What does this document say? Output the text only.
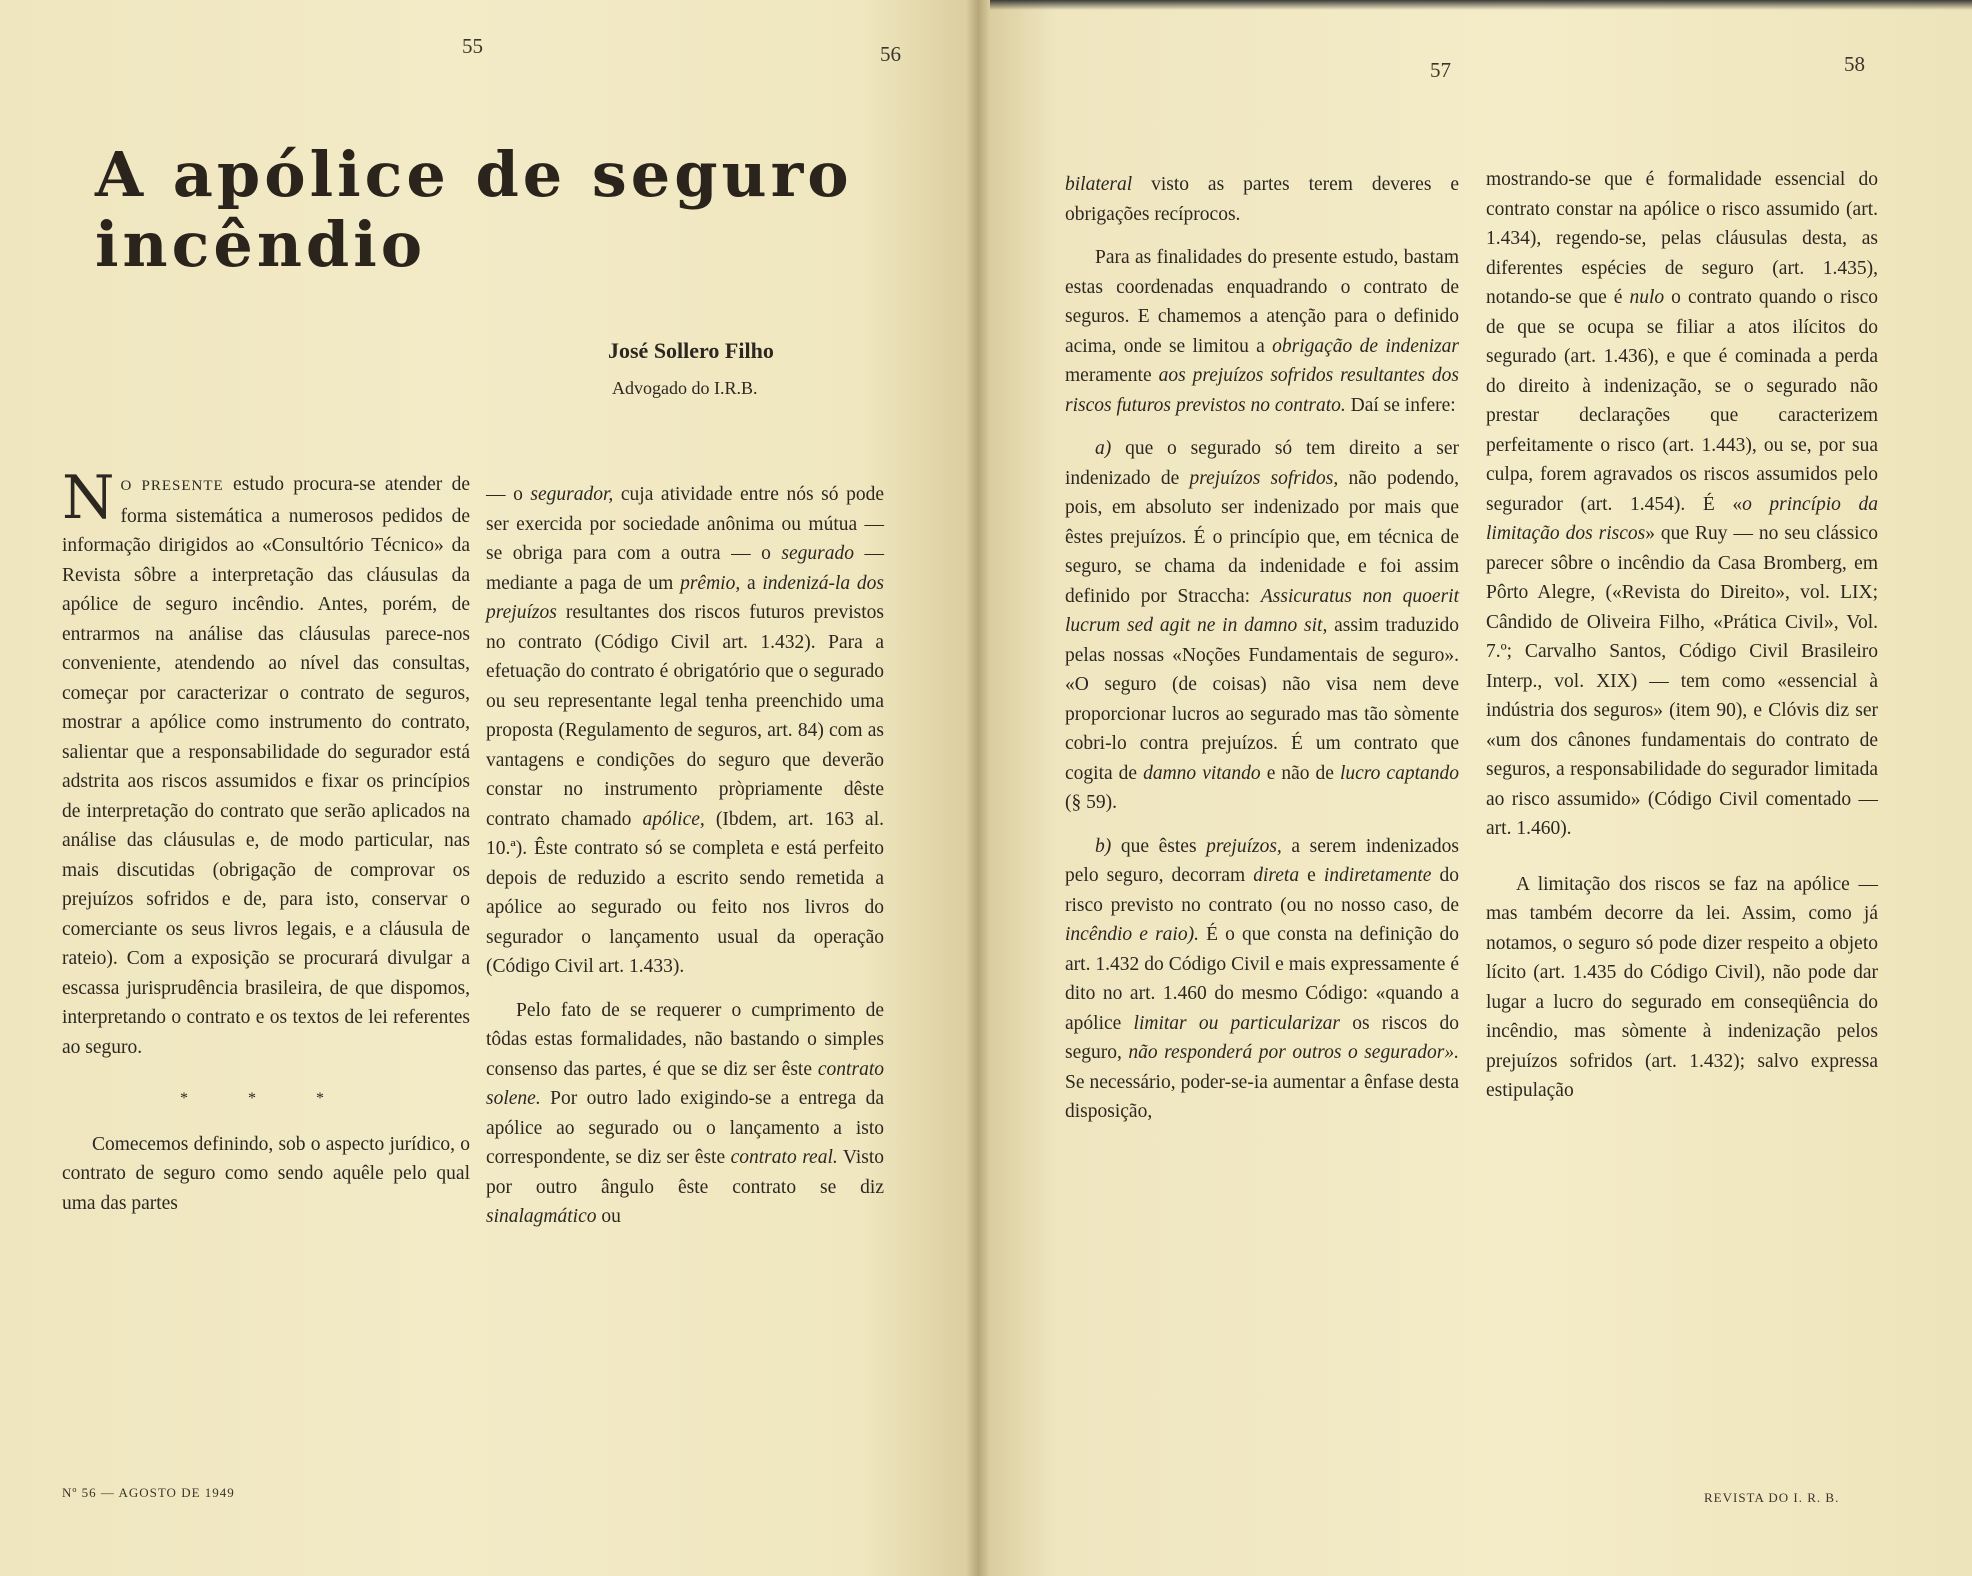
55	56
57	58
A apólice de seguro
incêndio
José Sollero Filho
Advogado do I.R.B.

N O PRESENTE estudo procura-se atender de forma sistemática a numerosos pedidos de informação dirigidos ao «Consultório Técnico» da Revista sôbre a interpretação das cláusulas da apólice de seguro incêndio. Antes, porém, de entrarmos na análise das cláusulas parece-nos conveniente, atendendo ao nível das consultas, começar por caracterizar o contrato de seguros, mostrar a apólice como instrumento do contrato, salientar que a responsabilidade do segurador está adstrita aos riscos assumidos e fixar os princípios de interpretação do contrato que serão aplicados na análise das cláusulas e, de modo particular, nas mais discutidas (obrigação de comprovar os prejuízos sofridos e de, para isto, conservar o comerciante os seus livros legais, e a cláusula de rateio). Com a exposição se procurará divulgar a escassa jurisprudência brasileira, de que dispomos, interpretando o contrato e os textos de lei referentes ao seguro.

* * *

Comecemos definindo, sob o aspecto jurídico, o contrato de seguro como sendo aquêle pelo qual uma das partes

— o segurador, cuja atividade entre nós só pode ser exercida por sociedade anônima ou mútua — se obriga para com a outra — o segurado — mediante a paga de um prêmio, a indenizá-la dos prejuízos resultantes dos riscos futuros previstos no contrato (Código Civil art. 1.432). Para a efetuação do contrato é obrigatório que o segurado ou seu representante legal tenha preenchido uma proposta (Regulamento de seguros, art. 84) com as vantagens e condições do seguro que deverão constar no instrumento pròpriamente dêste contrato chamado apólice, (Ibdem, art. 163 al. 10.ª). Êste contrato só se completa e está perfeito depois de reduzido a escrito sendo remetida a apólice ao segurado ou feito nos livros do segurador o lançamento usual da operação (Código Civil art. 1.433).

Pelo fato de se requerer o cumprimento de tôdas estas formalidades, não bastando o simples consenso das partes, é que se diz ser êste contrato solene. Por outro lado exigindo-se a entrega da apólice ao segurado ou o lançamento a isto correspondente, se diz ser êste contrato real. Visto por outro ângulo êste contrato se diz sinalagmático ou

bilateral visto as partes terem deveres e obrigações recíprocos.

Para as finalidades do presente estudo, bastam estas coordenadas enquadrando o contrato de seguros. E chamemos a atenção para o definido acima, onde se limitou a obrigação de indenizar meramente aos prejuízos sofridos resultantes dos riscos futuros previstos no contrato. Daí se infere:

a) que o segurado só tem direito a ser indenizado de prejuízos sofridos, não podendo, pois, em absoluto ser indenizado por mais que êstes prejuízos. É o princípio que, em técnica de seguro, se chama da indenidade e foi assim definido por Straccha: Assicuratus non quoerit lucrum sed agit ne in damno sit, assim traduzido pelas nossas «Noções Fundamentais de seguro». «O seguro (de coisas) não visa nem deve proporcionar lucros ao segurado mas tão sòmente cobri-lo contra prejuízos. É um contrato que cogita de damno vitando e não de lucro captando (§ 59).

b) que êstes prejuízos, a serem indenizados pelo seguro, decorram direta e indiretamente do risco previsto no contrato (ou no nosso caso, de incêndio e raio). É o que consta na definição do art. 1.432 do Código Civil e mais expressamente é dito no art. 1.460 do mesmo Código: «quando a apólice limitar ou particularizar os riscos do seguro, não responderá por outros o segurador». Se necessário, poder-se-ia aumentar a ênfase desta disposição,

mostrando-se que é formalidade essencial do contrato constar na apólice o risco assumido (art. 1.434), regendo-se, pelas cláusulas desta, as diferentes espécies de seguro (art. 1.435), notando-se que é nulo o contrato quando o risco de que se ocupa se filiar a atos ilícitos do segurado (art. 1.436), e que é cominada a perda do direito à indenização, se o segurado não prestar declarações que caracterizem perfeitamente o risco (art. 1.443), ou se, por sua culpa, forem agravados os riscos assumidos pelo segurador (art. 1.454). É «o princípio da limitação dos riscos» que Ruy — no seu clássico parecer sôbre o incêndio da Casa Bromberg, em Pôrto Alegre, («Revista do Direito», vol. LIX; Cândido de Oliveira Filho, «Prática Civil», Vol. 7.º; Carvalho Santos, Código Civil Brasileiro Interp., vol. XIX) — tem como «essencial à indústria dos seguros» (item 90), e Clóvis diz ser «um dos cânones fundamentais do contrato de seguros, a responsabilidade do segurador limitada ao risco assumido» (Código Civil comentado — art. 1.460).

A limitação dos riscos se faz na apólice — mas também decorre da lei. Assim, como já notamos, o seguro só pode dizer respeito a objeto lícito (art. 1.435 do Código Civil), não pode dar lugar a lucro do segurado em conseqüência do incêndio, mas sòmente à indenização pelos prejuízos sofridos (art. 1.432); salvo expressa estipulação

Nº 56 — AGOSTO DE 1949	REVISTA DO I. R. B.
